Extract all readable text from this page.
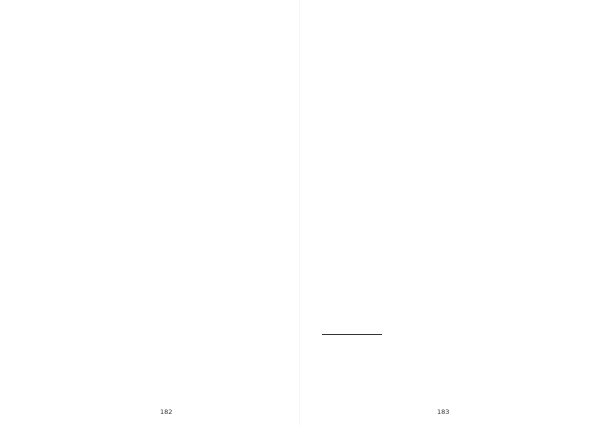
182	183
